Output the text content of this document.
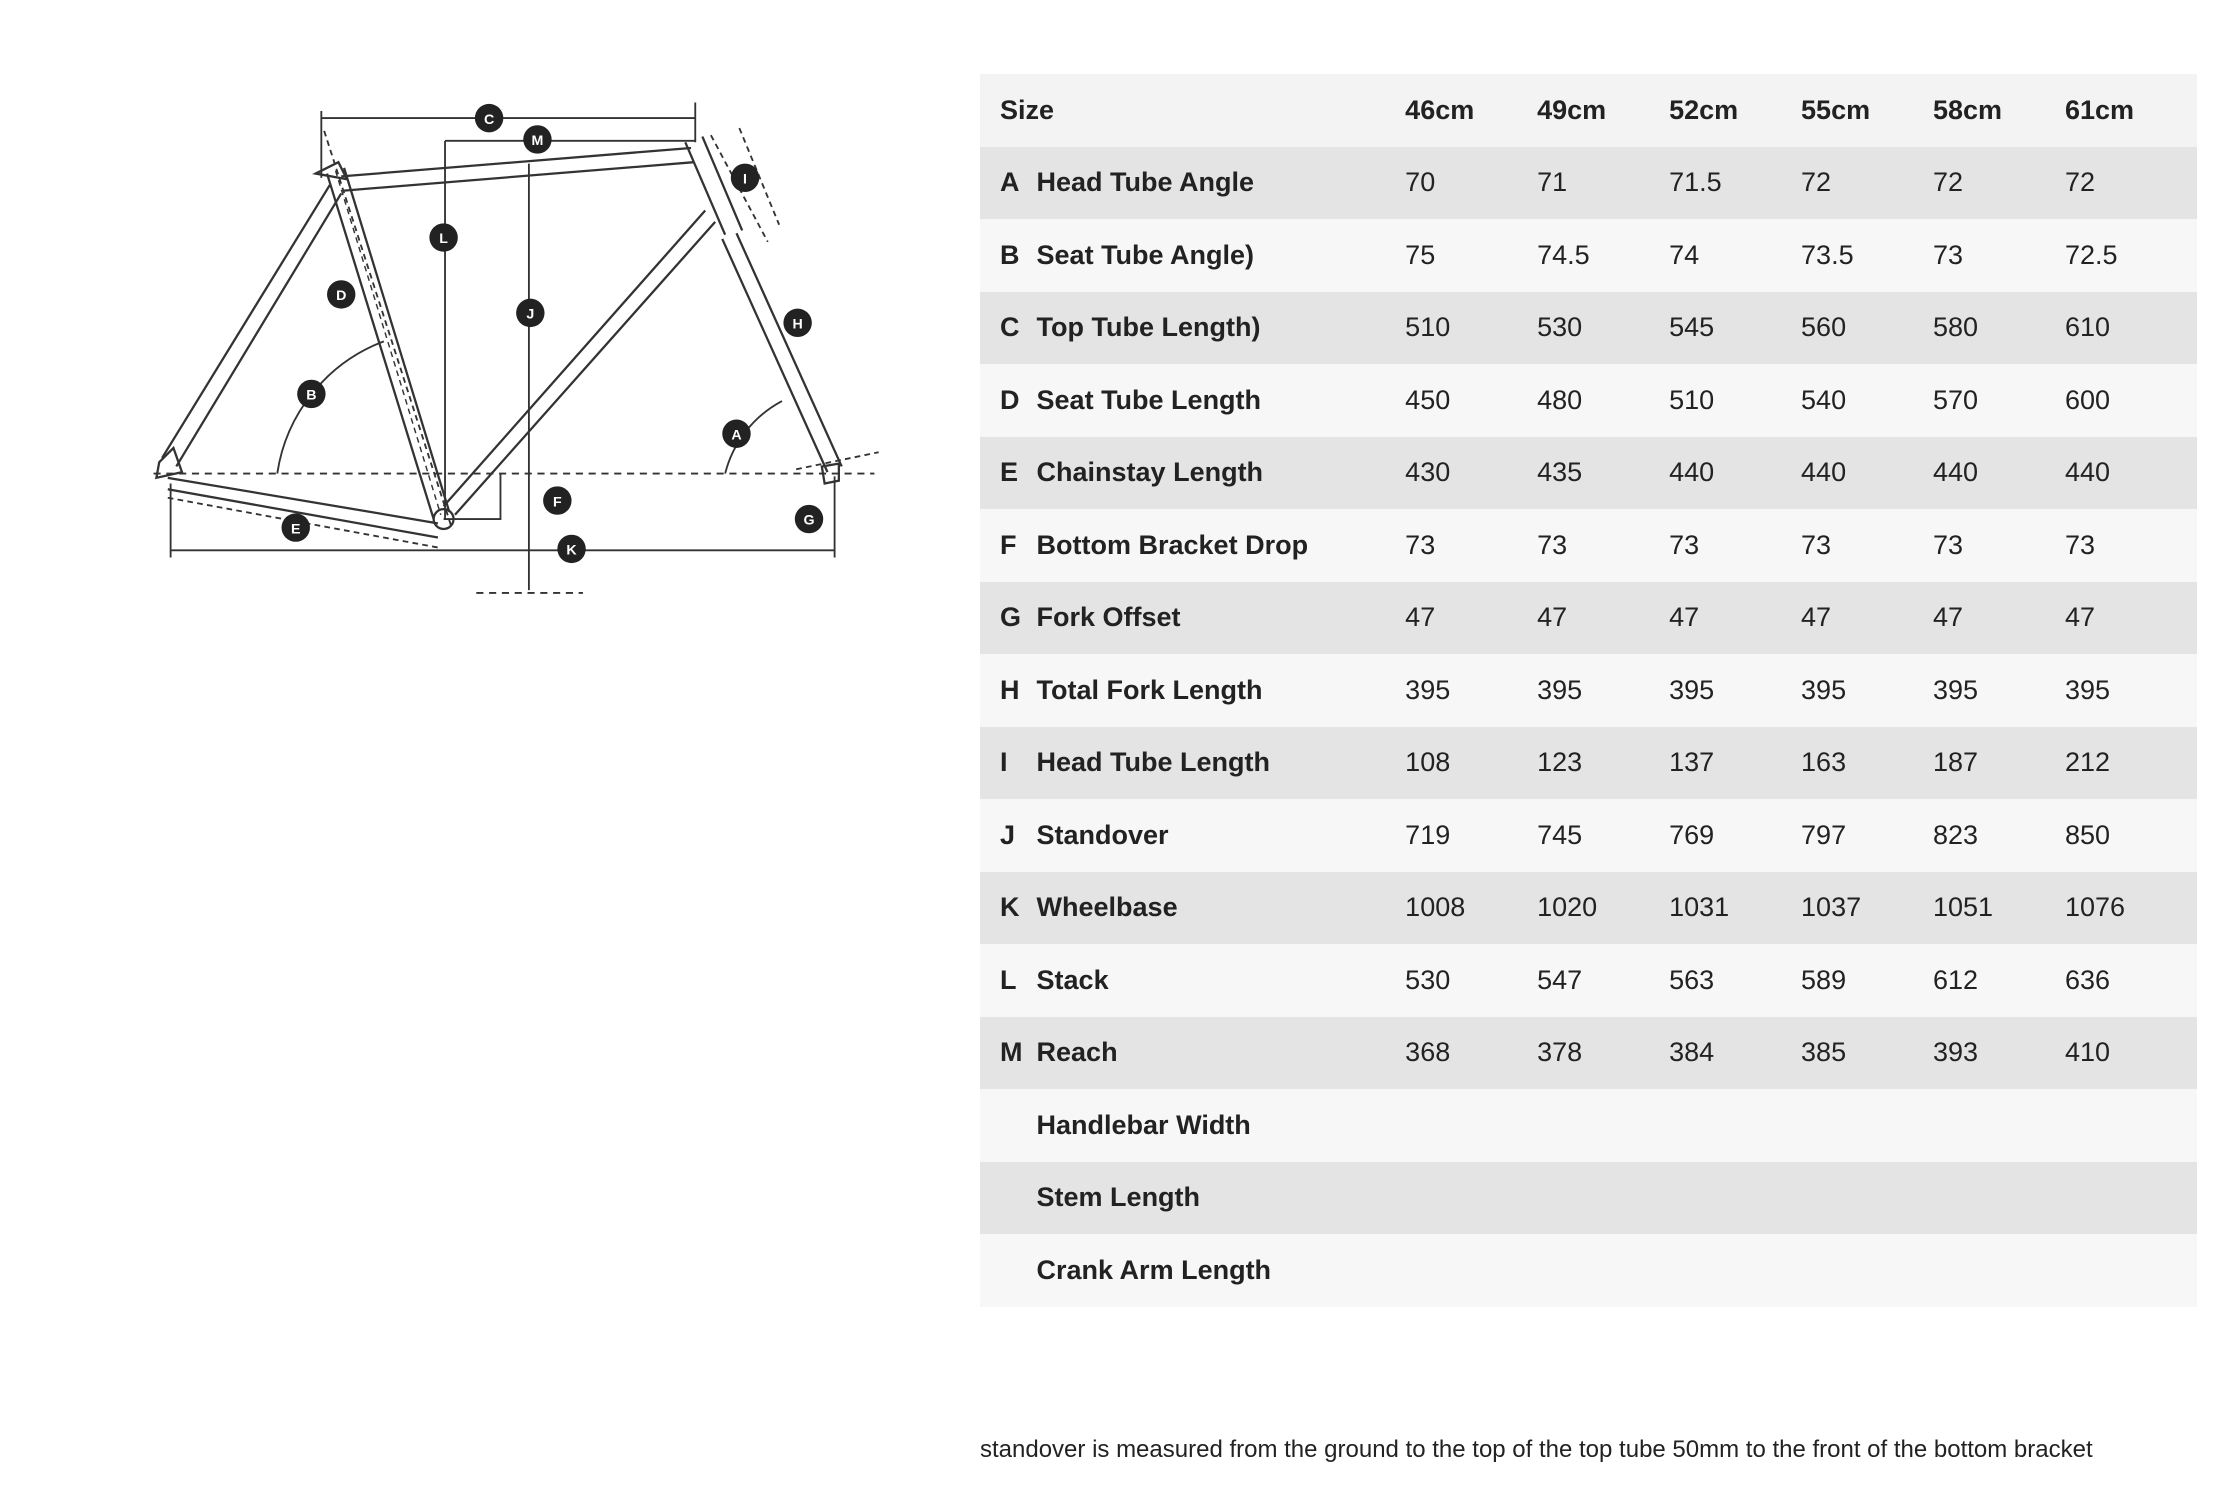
A
B
C
D
E
F
G
H
I
J
K
L
M
Size		46cm	49cm	52cm	55cm	58cm	61cm
A	Head Tube Angle	70	71	71.5	72	72	72
B	Seat Tube Angle)	75	74.5	74	73.5	73	72.5
C	Top Tube Length)	510	530	545	560	580	610
D	Seat Tube Length	450	480	510	540	570	600
E	Chainstay Length	430	435	440	440	440	440
F	Bottom Bracket Drop	73	73	73	73	73	73
G	Fork Offset	47	47	47	47	47	47
H	Total Fork Length	395	395	395	395	395	395
I	Head Tube Length	108	123	137	163	187	212
J	Standover	719	745	769	797	823	850
K	Wheelbase	1008	1020	1031	1037	1051	1076
L	Stack	530	547	563	589	612	636
M	Reach	368	378	384	385	393	410
	Handlebar Width						
	Stem Length						
	Crank Arm Length						
standover is measured from the ground to the top of the top tube 50mm to the front of the bottom bracket
